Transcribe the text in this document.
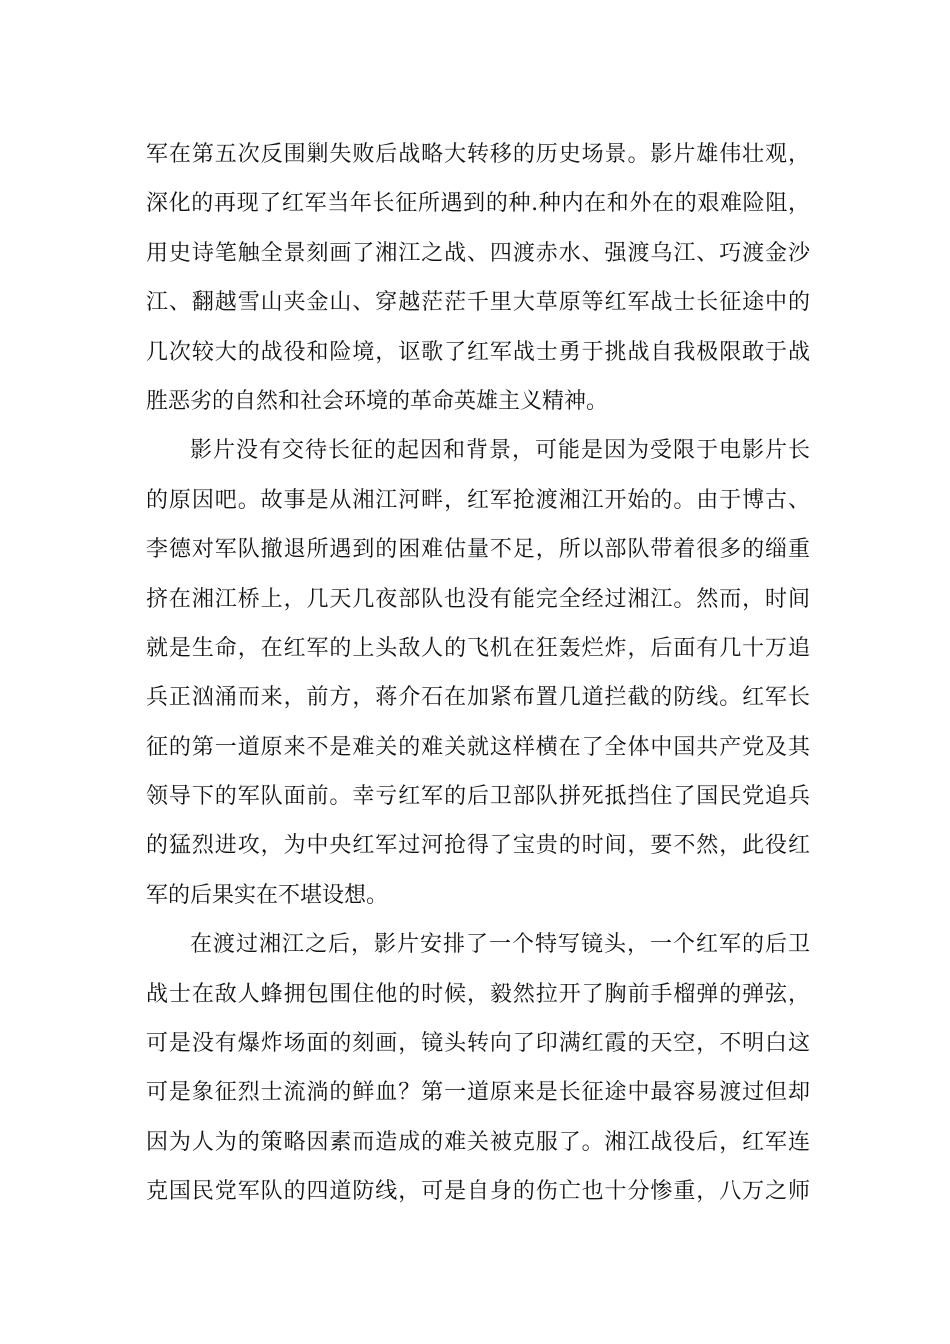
军在第五次反围剿失败后战略大转移的历史场景。影片雄伟壮观，
深化的再现了红军当年长征所遇到的种.种内在和外在的艰难险阻，
用史诗笔触全景刻画了湘江之战、四渡赤水、强渡乌江、巧渡金沙
江、翻越雪山夹金山、穿越茫茫千里大草原等红军战士长征途中的
几次较大的战役和险境，讴歌了红军战士勇于挑战自我极限敢于战
胜恶劣的自然和社会环境的革命英雄主义精神。
影片没有交待长征的起因和背景，可能是因为受限于电影片长
的原因吧。故事是从湘江河畔，红军抢渡湘江开始的。由于博古、
李德对军队撤退所遇到的困难估量不足，所以部队带着很多的缁重
挤在湘江桥上，几天几夜部队也没有能完全经过湘江。然而，时间
就是生命，在红军的上头敌人的飞机在狂轰烂炸，后面有几十万追
兵正汹涌而来，前方，蒋介石在加紧布置几道拦截的防线。红军长
征的第一道原来不是难关的难关就这样横在了全体中国共产党及其
领导下的军队面前。幸亏红军的后卫部队拼死抵挡住了国民党追兵
的猛烈进攻，为中央红军过河抢得了宝贵的时间，要不然，此役红
军的后果实在不堪设想。
在渡过湘江之后，影片安排了一个特写镜头，一个红军的后卫
战士在敌人蜂拥包围住他的时候，毅然拉开了胸前手榴弹的弹弦，
可是没有爆炸场面的刻画，镜头转向了印满红霞的天空，不明白这
可是象征烈士流淌的鲜血？第一道原来是长征途中最容易渡过但却
因为人为的策略因素而造成的难关被克服了。湘江战役后，红军连
克国民党军队的四道防线，可是自身的伤亡也十分惨重，八万之师
